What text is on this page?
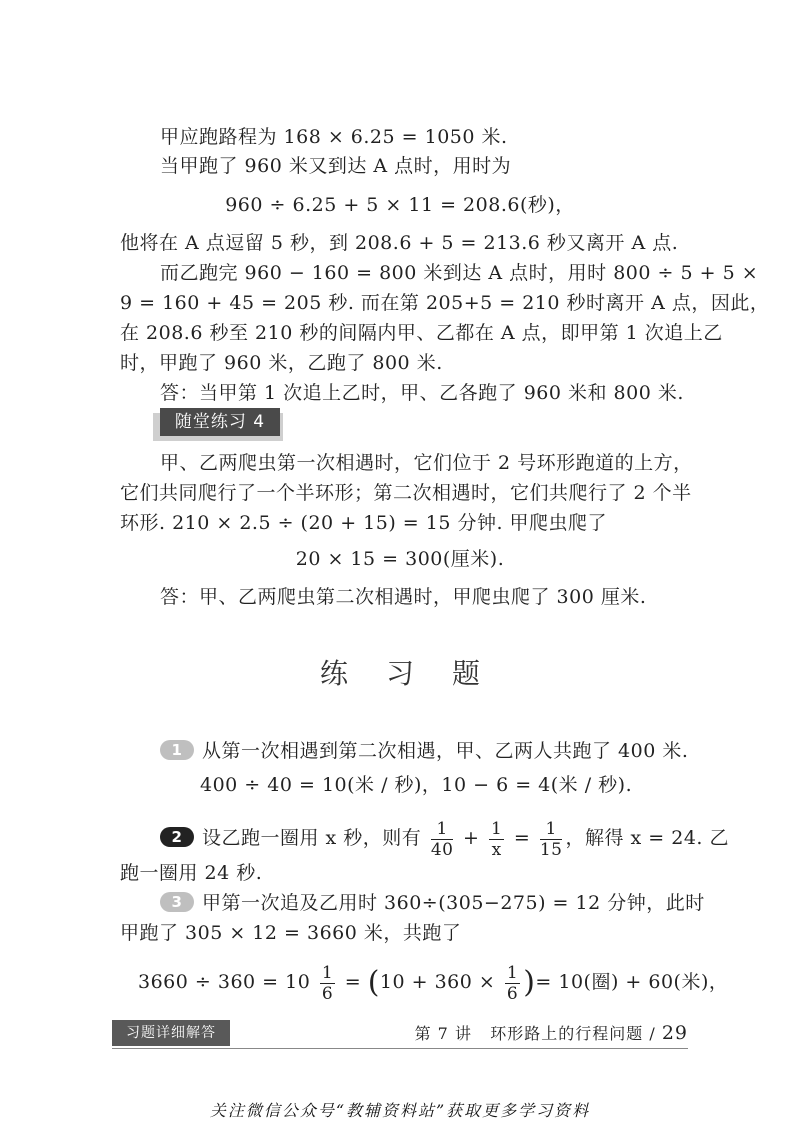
甲应跑路程为 168 × 6.25 = 1050 米.
当甲跑了 960 米又到达 A 点时，用时为
960 ÷ 6.25 + 5 × 11 = 208.6(秒)，
他将在 A 点逗留 5 秒，到 208.6 + 5 = 213.6 秒又离开 A 点.
而乙跑完 960 − 160 = 800 米到达 A 点时，用时 800 ÷ 5 + 5 ×
9 = 160 + 45 = 205 秒. 而在第 205+5 = 210 秒时离开 A 点，因此，
在 208.6 秒至 210 秒的间隔内甲、乙都在 A 点，即甲第 1 次追上乙
时，甲跑了 960 米，乙跑了 800 米.
答：当甲第 1 次追上乙时，甲、乙各跑了 960 米和 800 米.
随堂练习 4
甲、乙两爬虫第一次相遇时，它们位于 2 号环形跑道的上方，
它们共同爬行了一个半环形；第二次相遇时，它们共爬行了 2 个半
环形. 210 × 2.5 ÷ (20 + 15) = 15 分钟. 甲爬虫爬了
20 × 15 = 300(厘米).
答：甲、乙两爬虫第二次相遇时，甲爬虫爬了 300 厘米.
练习题
1 从第一次相遇到第二次相遇，甲、乙两人共跑了 400 米.
400 ÷ 40 = 10(米 / 秒)，10 − 6 = 4(米 / 秒).
2 设乙跑一圈用 x 秒，则有 $\frac{1}{40} + \frac{1}{x} = \frac{1}{15}$ ，解得 x = 24. 乙
跑一圈用 24 秒.
3 甲第一次追及乙用时 360÷(305−275) = 12 分钟，此时
甲跑了 305 × 12 = 3660 米，共跑了
$3660 \div 360 = 10 \frac{1}{6} = (10 + 360 \times \frac{1}{6}$ )= 10(圈) + 60(米)，
习题详细解答	第 7 讲 环形路上的行程问题 / 29
关注微信公众号“教辅资料站”获取更多学习资料
